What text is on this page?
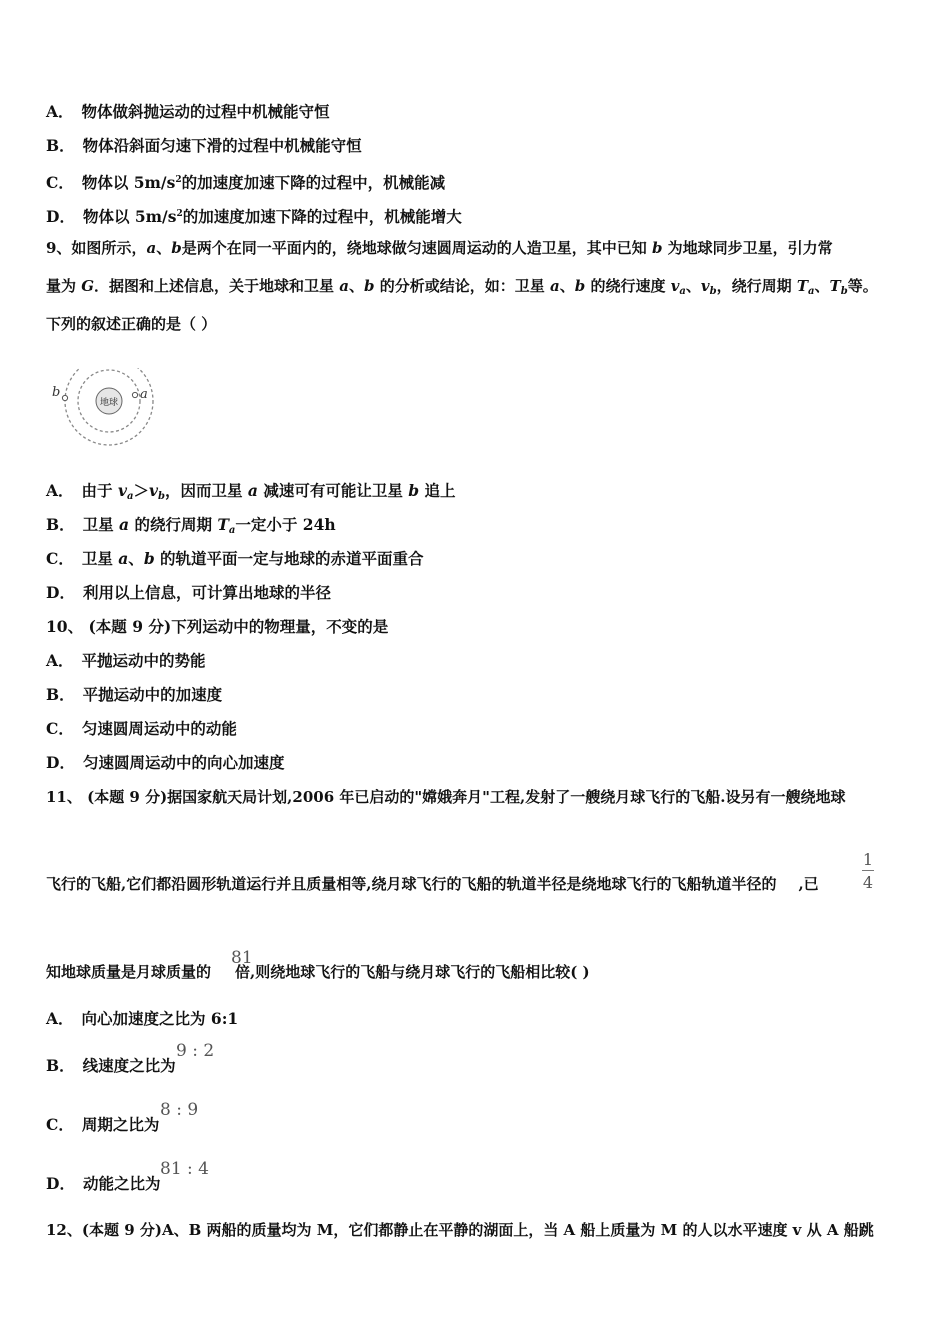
A． 物体做斜抛运动的过程中机械能守恒
B． 物体沿斜面匀速下滑的过程中机械能守恒
C． 物体以 $5m/s^2$的加速度加速下降的过程中，机械能减
D． 物体以 $5m/s^2$的加速度加速下降的过程中，机械能增大
9、如图所示，a、b是两个在同一平面内的，绕地球做匀速圆周运动的人造卫星，其中已知 b 为地球同步卫星，引力常
量为 G．据图和上述信息，关于地球和卫星 a、b 的分析或结论，如：卫星 a、b 的绕行速度 $v_a$、$v_b$，绕行周期 $T_a$、$T_b$等。
下列的叙述正确的是（ ）
地球
a
b
A． 由于 $v_a>v_b$，因而卫星 a 减速可有可能让卫星 b 追上
B． 卫星 a 的绕行周期 $T_a$一定小于 24h
C． 卫星 a、b 的轨道平面一定与地球的赤道平面重合
D． 利用以上信息，可计算出地球的半径
10、 (本题 9 分)下列运动中的物理量，不变的是
A． 平抛运动中的势能
B． 平抛运动中的加速度
C． 匀速圆周运动中的动能
D． 匀速圆周运动中的向心加速度
11、 (本题 9 分)据国家航天局计划,2006 年已启动的"嫦娥奔月"工程,发射了一艘绕月球飞行的飞船.设另有一艘绕地球
飞行的飞船,它们都沿圆形轨道运行并且质量相等,绕月球飞行的飞船的轨道半径是绕地球飞行的飞船轨道半径的 ,已
1
4
知地球质量是月球质量的 倍,则绕地球飞行的飞船与绕月球飞行的飞船相比较( )
81
A． 向心加速度之比为 6:1
B． 线速度之比为
9 : 2
C． 周期之比为
8 : 9
D． 动能之比为
81 : 4
12、(本题 9 分)A、B 两船的质量均为 M，它们都静止在平静的湖面上，当 A 船上质量为 M 的人以水平速度 v 从 A 船跳
